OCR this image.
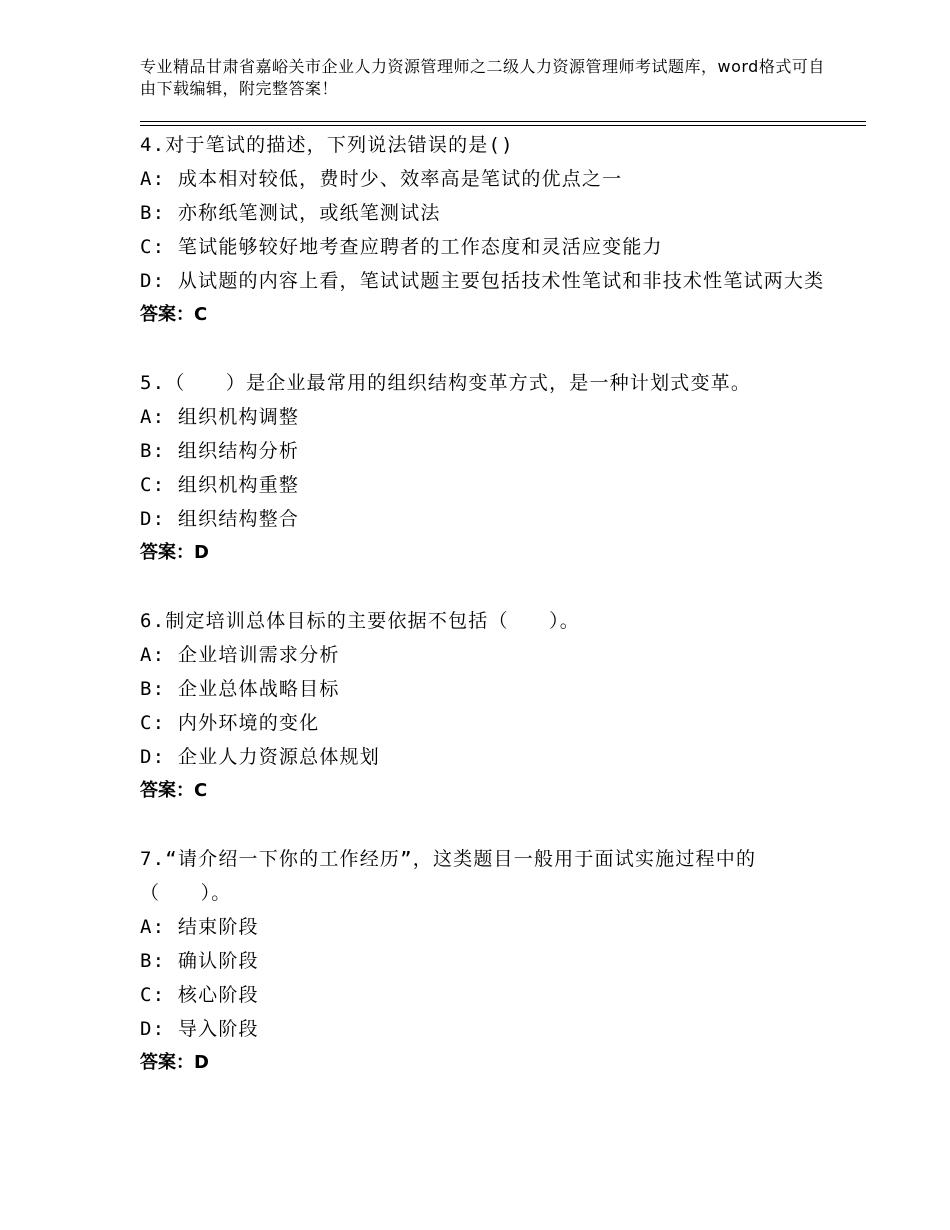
专业精品甘肃省嘉峪关市企业人力资源管理师之二级人力资源管理师考试题库，word格式可自由下载编辑，附完整答案！
4.对于笔试的描述，下列说法错误的是()
A: 成本相对较低，费时少、效率高是笔试的优点之一
B: 亦称纸笔测试，或纸笔测试法
C: 笔试能够较好地考查应聘者的工作态度和灵活应变能力
D: 从试题的内容上看，笔试试题主要包括技术性笔试和非技术性笔试两大类
答案：C
5.（　　）是企业最常用的组织结构变革方式，是一种计划式变革。
A: 组织机构调整
B: 组织结构分析
C: 组织机构重整
D: 组织结构整合
答案：D
6.制定培训总体目标的主要依据不包括（　　）。
A: 企业培训需求分析
B: 企业总体战略目标
C: 内外环境的变化
D: 企业人力资源总体规划
答案：C
7.“请介绍一下你的工作经历”，这类题目一般用于面试实施过程中的（　　）。
A: 结束阶段
B: 确认阶段
C: 核心阶段
D: 导入阶段
答案：D
